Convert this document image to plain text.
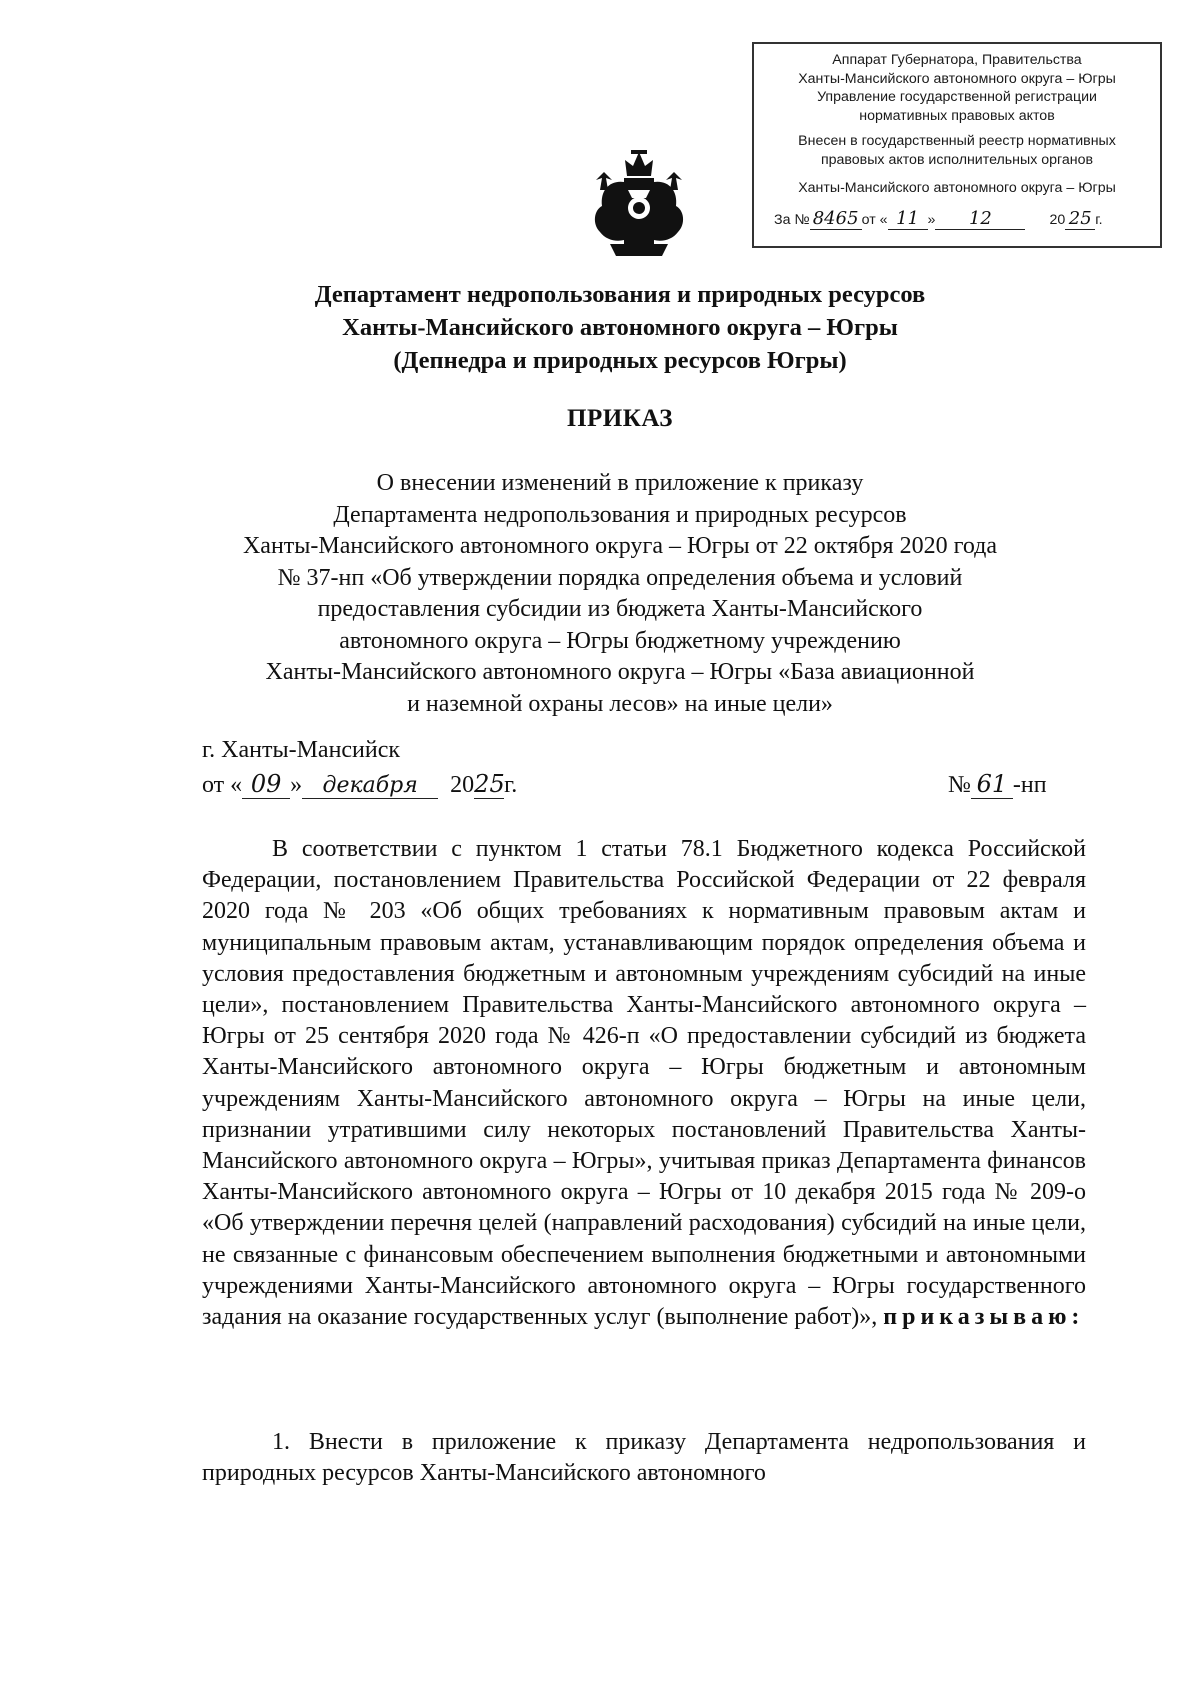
Аппарат Губернатора, Правительства
Ханты-Мансийского автономного округа – Югры
Управление государственной регистрации
нормативных правовых актов
Внесен в государственный реестр нормативных
правовых актов исполнительных органов
Ханты-Мансийского автономного округа – Югры
За № 8465 от « 11 » 12	20 25 г.
Департамент недропользования и природных ресурсов
Ханты-Мансийского автономного округа – Югры
(Депнедра и природных ресурсов Югры)
ПРИКАЗ
О внесении изменений в приложение к приказу
Департамента недропользования и природных ресурсов
Ханты-Мансийского автономного округа – Югры от 22 октября 2020 года
№ 37-нп «Об утверждении порядка определения объема и условий
предоставления субсидии из бюджета Ханты-Мансийского
автономного округа – Югры бюджетному учреждению
Ханты-Мансийского автономного округа – Югры «База авиационной
и наземной охраны лесов» на иные цели»
г. Ханты-Мансийск
от « 09 » декабря 2025г.	№ 61 -нп
В соответствии с пунктом 1 статьи 78.1 Бюджетного кодекса Российской Федерации, постановлением Правительства Российской Федерации от 22 февраля 2020 года № 203 «Об общих требованиях к нормативным правовым актам и муниципальным правовым актам, устанавливающим порядок определения объема и условия предоставления бюджетным и автономным учреждениям субсидий на иные цели», постановлением Правительства Ханты-Мансийского автономного округа – Югры от 25 сентября 2020 года № 426-п «О предоставлении субсидий из бюджета Ханты-Мансийского автономного округа – Югры бюджетным и автономным учреждениям Ханты-Мансийского автономного округа – Югры на иные цели, признании утратившими силу некоторых постановлений Правительства Ханты-Мансийского автономного округа – Югры», учитывая приказ Департамента финансов Ханты-Мансийского автономного округа – Югры от 10 декабря 2015 года № 209-о «Об утверждении перечня целей (направлений расходования) субсидий на иные цели, не связанные с финансовым обеспечением выполнения бюджетными и автономными учреждениями Ханты-Мансийского автономного округа – Югры государственного задания на оказание государственных услуг (выполнение работ)», приказываю:
1. Внести в приложение к приказу Департамента недропользования и природных ресурсов Ханты-Мансийского автономного
